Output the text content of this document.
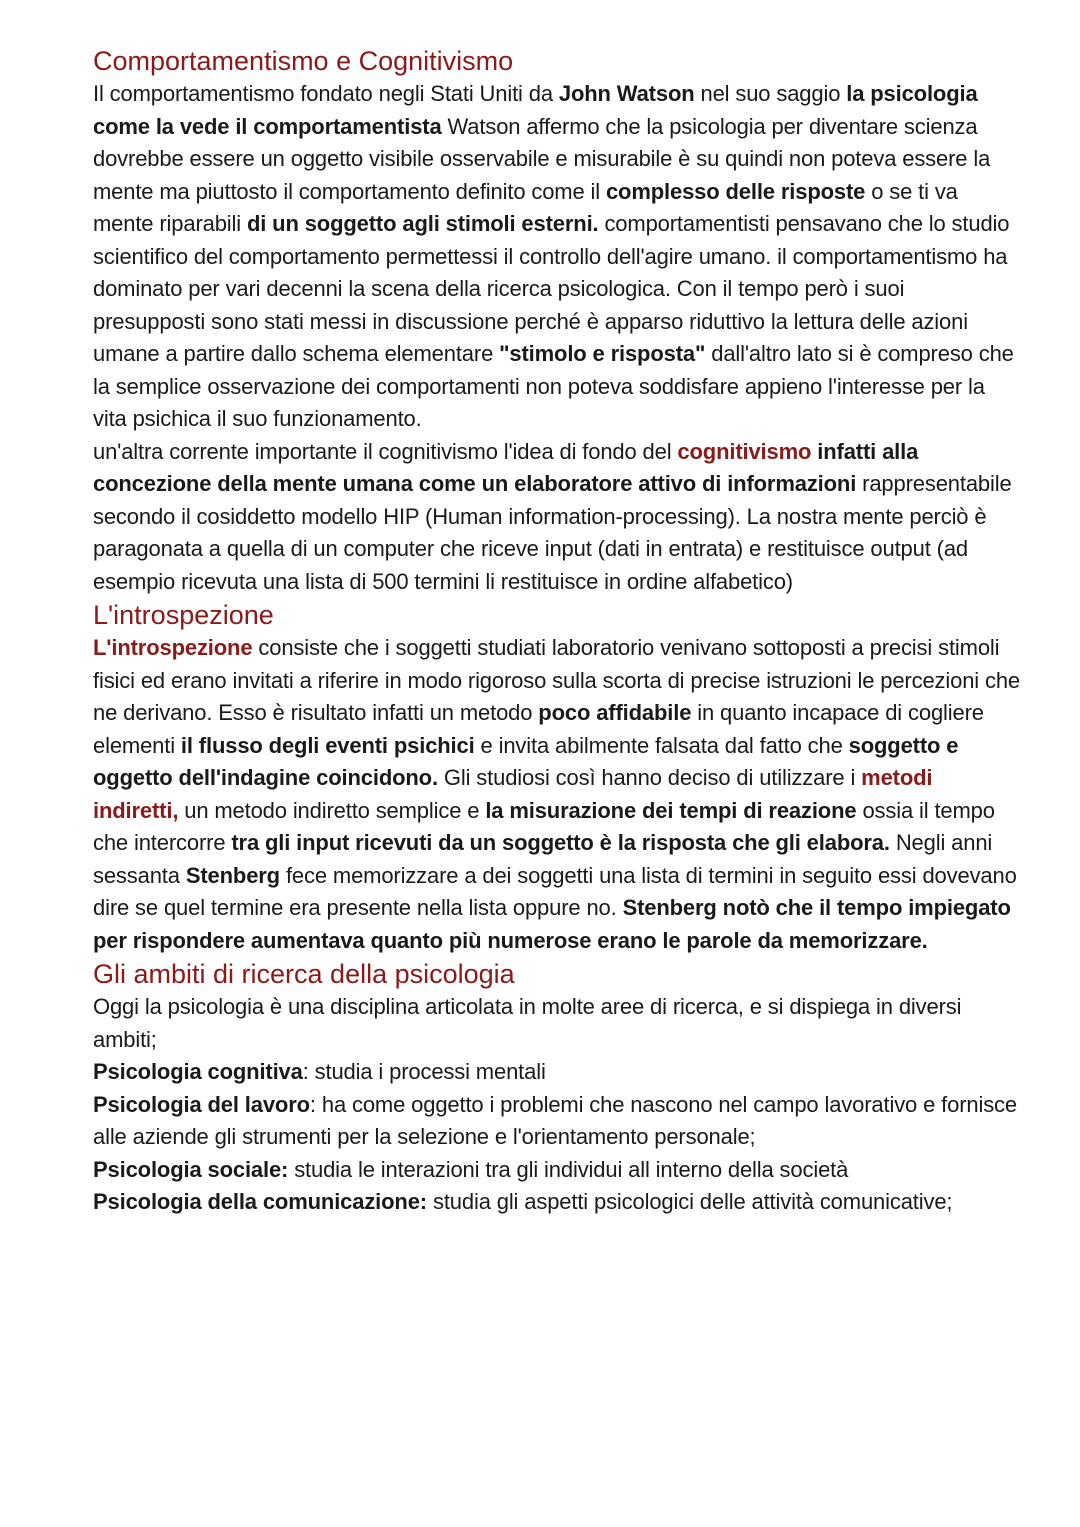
Comportamentismo e Cognitivismo

Il comportamentismo fondato negli Stati Uniti da John Watson nel suo saggio la psicologia come la vede il comportamentista Watson affermo che la psicologia per diventare scienza dovrebbe essere un oggetto visibile osservabile e misurabile è su quindi non poteva essere la mente ma piuttosto il comportamento definito come il complesso delle risposte o se ti va mente riparabili di un soggetto agli stimoli esterni. comportamentisti pensavano che lo studio scientifico del comportamento permettessi il controllo dell'agire umano. il comportamentismo ha dominato per vari decenni la scena della ricerca psicologica. Con il tempo però i suoi presupposti sono stati messi in discussione perché è apparso riduttivo la lettura delle azioni umane a partire dallo schema elementare "stimolo e risposta" dall'altro lato si è compreso che la semplice osservazione dei comportamenti non poteva soddisfare appieno l'interesse per la vita psichica il suo funzionamento.

un'altra corrente importante il cognitivismo l'idea di fondo del cognitivismo infatti alla concezione della mente umana come un elaboratore attivo di informazioni rappresentabile secondo il cosiddetto modello HIP (Human information-processing). La nostra mente perciò è paragonata a quella di un computer che riceve input (dati in entrata) e restituisce output (ad esempio ricevuta una lista di 500 termini li restituisce in ordine alfabetico)

L'introspezione

L'introspezione consiste che i soggetti studiati laboratorio venivano sottoposti a precisi stimoli fisici ed erano invitati a riferire in modo rigoroso sulla scorta di precise istruzioni le percezioni che ne derivano. Esso è risultato infatti un metodo poco affidabile in quanto incapace di cogliere elementi il flusso degli eventi psichici e invita abilmente falsata dal fatto che soggetto e oggetto dell'indagine coincidono. Gli studiosi così hanno deciso di utilizzare i metodi indiretti, un metodo indiretto semplice e la misurazione dei tempi di reazione ossia il tempo che intercorre tra gli input ricevuti da un soggetto è la risposta che gli elabora. Negli anni sessanta Stenberg fece memorizzare a dei soggetti una lista di termini in seguito essi dovevano dire se quel termine era presente nella lista oppure no. Stenberg notò che il tempo impiegato per rispondere aumentava quanto più numerose erano le parole da memorizzare.

Gli ambiti di ricerca della psicologia

Oggi la psicologia è una disciplina articolata in molte aree di ricerca, e si dispiega in diversi ambiti;

Psicologia cognitiva: studia i processi mentali
Psicologia del lavoro: ha come oggetto i problemi che nascono nel campo lavorativo e fornisce alle aziende gli strumenti per la selezione e l'orientamento personale;
Psicologia sociale: studia le interazioni tra gli individui all interno della società
Psicologia della comunicazione: studia gli aspetti psicologici delle attività comunicative;
